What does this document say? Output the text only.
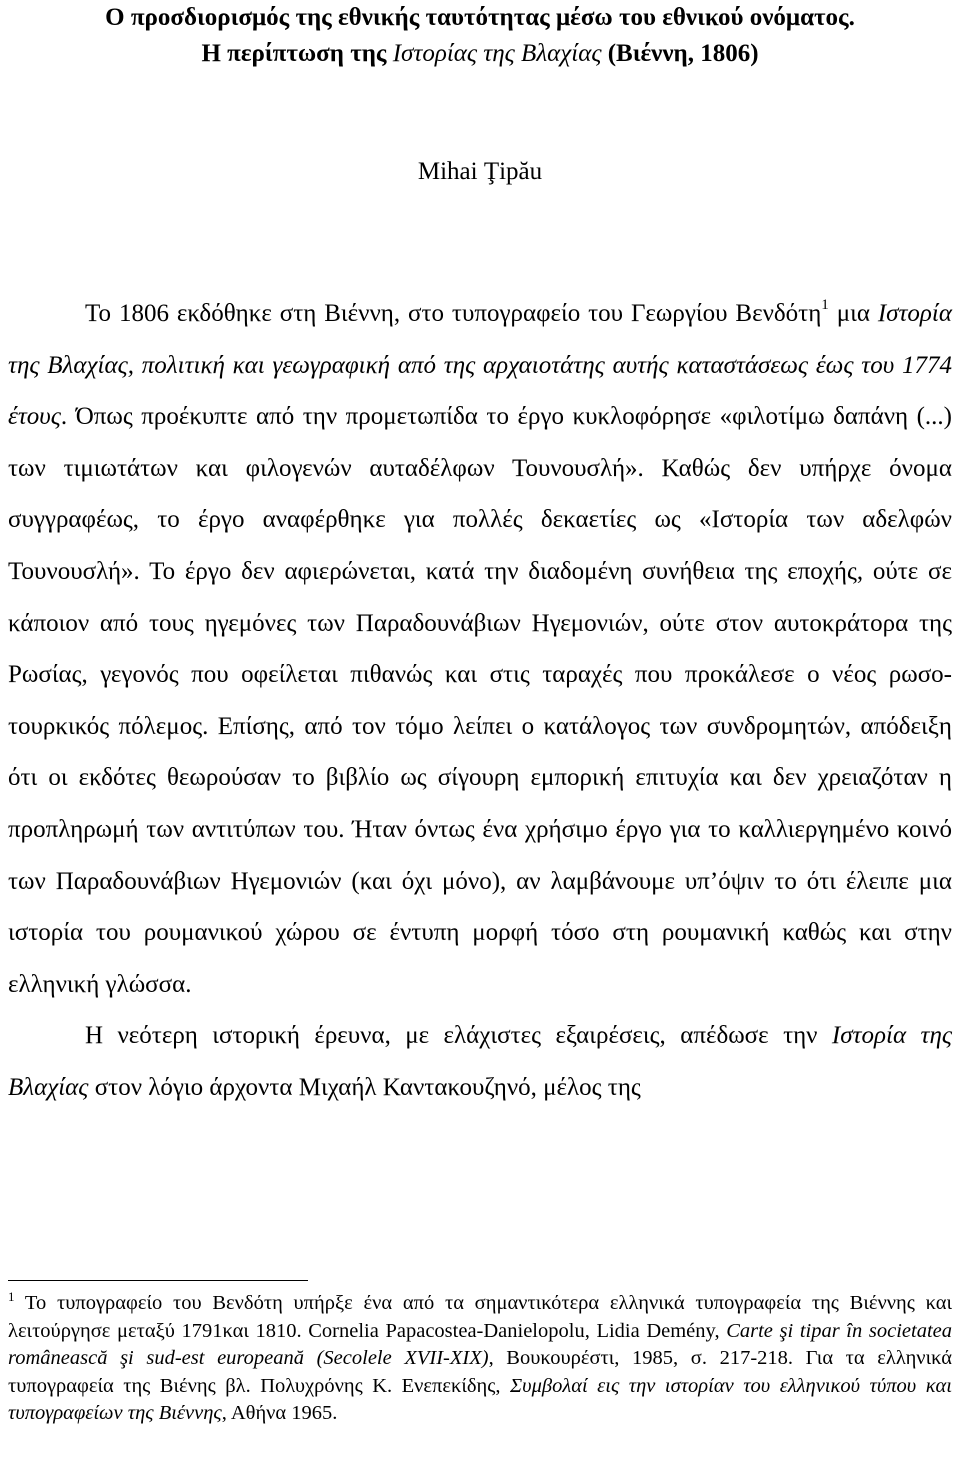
Ο προσδιορισμός της εθνικής ταυτότητας μέσω του εθνικού ονόματος.
Η περίπτωση της Ιστορίας της Βλαχίας (Βιέννη, 1806)
Mihai Ţipău

Το 1806 εκδόθηκε στη Βιέννη, στο τυπογραφείο του Γεωργίου Βενδότη$^1$ μια Ιστορία της Βλαχίας, πολιτική και γεωγραφική από της αρχαιοτάτης αυτής καταστάσεως έως του 1774 έτους. Όπως προέκυπτε από την προμετωπίδα το έργο κυκλοφόρησε «φιλοτίμω δαπάνη (...) των τιμιωτάτων και φιλογενών αυταδέλφων Τουνουσλή». Καθώς δεν υπήρχε όνομα συγγραφέως, το έργο αναφέρθηκε για πολλές δεκαετίες ως «Ιστορία των αδελφών Τουνουσλή». Το έργο δεν αφιερώνεται, κατά την διαδομένη συνήθεια της εποχής, ούτε σε κάποιον από τους ηγεμόνες των Παραδουνάβιων Ηγεμονιών, ούτε στον αυτοκράτορα της Ρωσίας, γεγονός που οφείλεται πιθανώς και στις ταραχές που προκάλεσε ο νέος ρωσο-τουρκικός πόλεμος. Επίσης, από τον τόμο λείπει ο κατάλογος των συνδρομητών, απόδειξη ότι οι εκδότες θεωρούσαν το βιβλίο ως σίγουρη εμπορική επιτυχία και δεν χρειαζόταν η προπληρωμή των αντιτύπων του. Ήταν όντως ένα χρήσιμο έργο για το καλλιεργημένο κοινό των Παραδουνάβιων Ηγεμονιών (και όχι μόνο), αν λαμβάνουμε υπ’όψιν το ότι έλειπε μια ιστορία του ρουμανικού χώρου σε έντυπη μορφή τόσο στη ρουμανική καθώς και στην ελληνική γλώσσα.

Η νεότερη ιστορική έρευνα, με ελάχιστες εξαιρέσεις, απέδωσε την Ιστορία της Βλαχίας στον λόγιο άρχοντα Μιχαήλ Καντακουζηνό, μέλος της

$^1$ Το τυπογραφείο του Βενδότη υπήρξε ένα από τα σημαντικότερα ελληνικά τυπογραφεία της Βιέννης και λειτούργησε μεταξύ 1791και 1810. Cornelia Papacostea-Danielopolu, Lidia Demény, Carte şi tipar în societatea românească şi sud-est europeană (Secolele XVII-XIX), Βουκουρέστι, 1985, σ. 217-218. Για τα ελληνικά τυπογραφεία της Βιένης βλ. Πολυχρόνης Κ. Ενεπεκίδης, Συμβολαί εις την ιστορίαν του ελληνικού τύπου και τυπογραφείων της Βιέννης, Αθήνα 1965.
